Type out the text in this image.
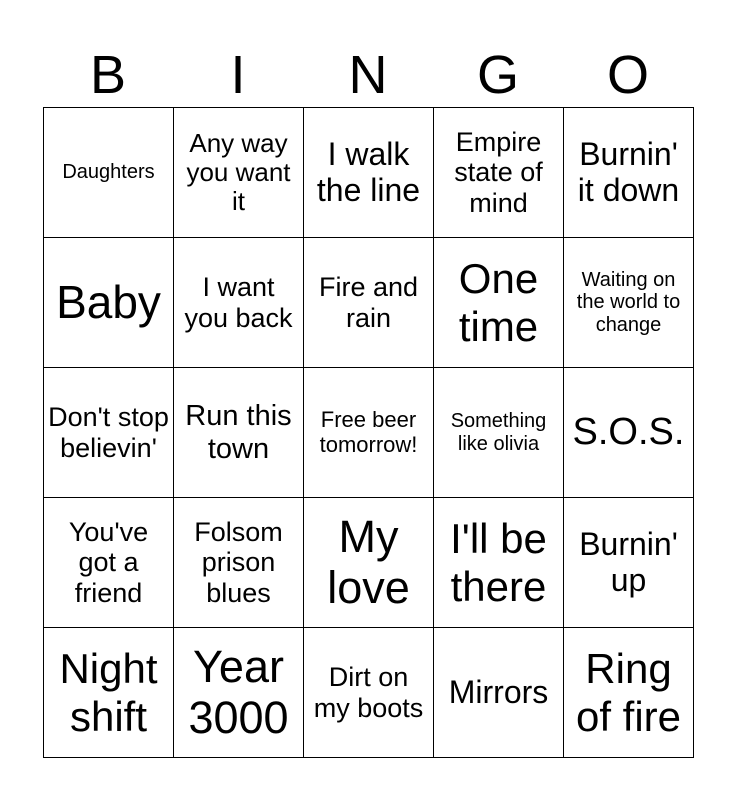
B	I	N	G	O
Daughters	Any way you want it	I walk the line	Empire state of mind	Burnin' it down
Baby	I want you back	Fire and rain	One time	Waiting on the world to change
Don't stop believin'	Run this town	Free beer tomorrow!	Something like olivia	S.O.S.
You've got a friend	Folsom prison blues	My love	I'll be there	Burnin' up
Night shift	Year 3000	Dirt on my boots	Mirrors	Ring of fire
